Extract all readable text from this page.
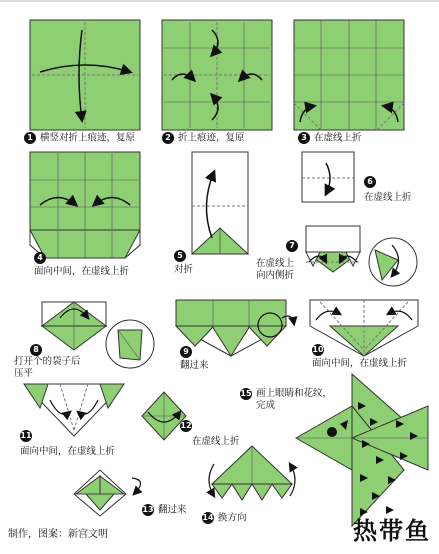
1 横竖对折上痕迹，复原	2 折上痕迹，复原	3 在虚线上折
4
面向中间，在虚线上折
5
对折
6
在虚线上折
7
在虚线上
向内侧折
8
打开个的袋子后
压平
9
翻过来
10
面向中间，在虚线上折
11
面向中间，在虚线上折
12
在虚线上折
13 翻过来
14 换方向
15 画上眼睛和花纹，
完成
制作，图案：新宫文明	热带鱼
